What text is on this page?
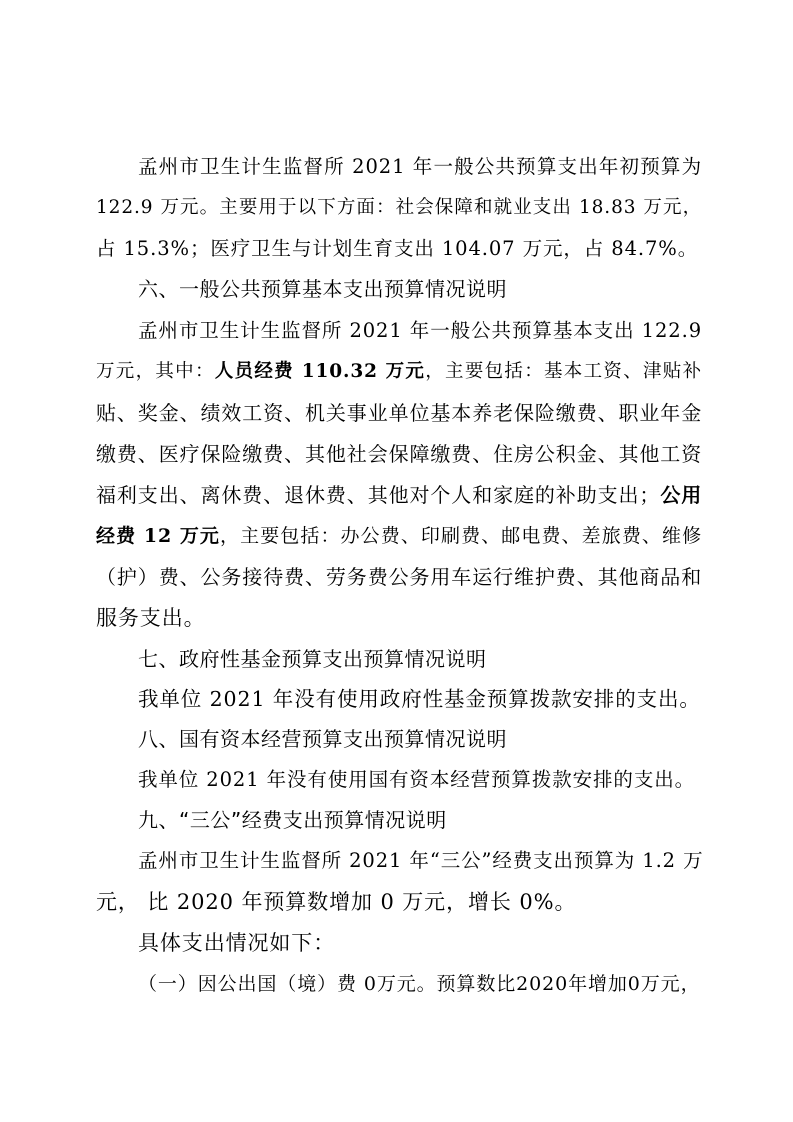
孟州市卫生计生监督所 2021 年一般公共预算支出年初预算为
122.9 万元。主要用于以下方面：社会保障和就业支出 18.83 万元，
占 15.3%；医疗卫生与计划生育支出 104.07 万元，占 84.7%。
六、一般公共预算基本支出预算情况说明
孟州市卫生计生监督所 2021 年一般公共预算基本支出 122.9
万元，其中：人员经费 110.32 万元，主要包括：基本工资、津贴补
贴、奖金、绩效工资、机关事业单位基本养老保险缴费、职业年金
缴费、医疗保险缴费、其他社会保障缴费、住房公积金、其他工资
福利支出、离休费、退休费、其他对个人和家庭的补助支出；公用
经费 12 万元，主要包括：办公费、印刷费、邮电费、差旅费、维修
（护）费、公务接待费、劳务费公务用车运行维护费、其他商品和
服务支出。
七、政府性基金预算支出预算情况说明
我单位 2021 年没有使用政府性基金预算拨款安排的支出。
八、国有资本经营预算支出预算情况说明
我单位 2021 年没有使用国有资本经营预算拨款安排的支出。
九、“三公”经费支出预算情况说明
孟州市卫生计生监督所 2021 年“三公”经费支出预算为 1.2 万
元， 比 2020 年预算数增加 0 万元，增长 0%。
具体支出情况如下：
（一）因公出国（境）费 0万元。预算数比2020年增加0万元，
